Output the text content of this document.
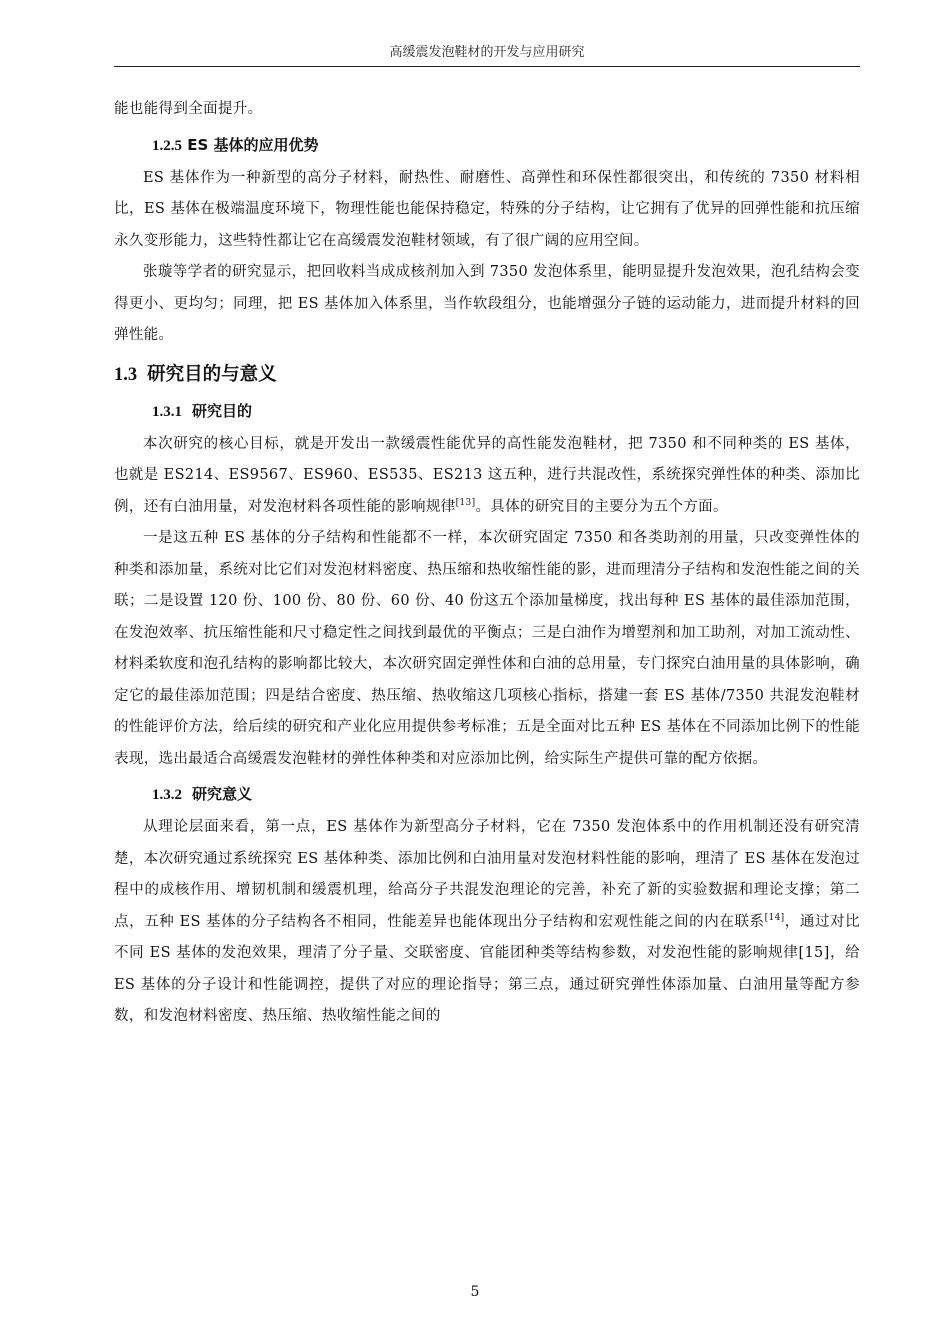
高缓震发泡鞋材的开发与应用研究

能也能得到全面提升。

1.2.5 ES 基体的应用优势

ES 基体作为一种新型的高分子材料，耐热性、耐磨性、高弹性和环保性都很突出，和传统的 7350 材料相比，ES 基体在极端温度环境下，物理性能也能保持稳定，特殊的分子结构，让它拥有了优异的回弹性能和抗压缩永久变形能力，这些特性都让它在高缓震发泡鞋材领域，有了很广阔的应用空间。

张璇等学者的研究显示，把回收料当成成核剂加入到 7350 发泡体系里，能明显提升发泡效果，泡孔结构会变得更小、更均匀；同理，把 ES 基体加入体系里，当作软段组分，也能增强分子链的运动能力，进而提升材料的回弹性能。

1.3 研究目的与意义
1.3.1 研究目的

本次研究的核心目标，就是开发出一款缓震性能优异的高性能发泡鞋材，把 7350 和不同种类的 ES 基体，也就是 ES214、ES9567、ES960、ES535、ES213 这五种，进行共混改性，系统探究弹性体的种类、添加比例，还有白油用量，对发泡材料各项性能的影响规律[13]。具体的研究目的主要分为五个方面。

一是这五种 ES 基体的分子结构和性能都不一样，本次研究固定 7350 和各类助剂的用量，只改变弹性体的种类和添加量，系统对比它们对发泡材料密度、热压缩和热收缩性能的影，进而理清分子结构和发泡性能之间的关联；二是设置 120 份、100 份、80 份、60 份、40 份这五个添加量梯度，找出每种 ES 基体的最佳添加范围，在发泡效率、抗压缩性能和尺寸稳定性之间找到最优的平衡点；三是白油作为增塑剂和加工助剂，对加工流动性、材料柔软度和泡孔结构的影响都比较大，本次研究固定弹性体和白油的总用量，专门探究白油用量的具体影响，确定它的最佳添加范围；四是结合密度、热压缩、热收缩这几项核心指标，搭建一套 ES 基体/7350 共混发泡鞋材的性能评价方法，给后续的研究和产业化应用提供参考标准；五是全面对比五种 ES 基体在不同添加比例下的性能表现，选出最适合高缓震发泡鞋材的弹性体种类和对应添加比例，给实际生产提供可靠的配方依据。

1.3.2 研究意义

从理论层面来看，第一点，ES 基体作为新型高分子材料，它在 7350 发泡体系中的作用机制还没有研究清楚，本次研究通过系统探究 ES 基体种类、添加比例和白油用量对发泡材料性能的影响，理清了 ES 基体在发泡过程中的成核作用、增韧机制和缓震机理，给高分子共混发泡理论的完善，补充了新的实验数据和理论支撑；第二点，五种 ES 基体的分子结构各不相同，性能差异也能体现出分子结构和宏观性能之间的内在联系[14]，通过对比不同 ES 基体的发泡效果，理清了分子量、交联密度、官能团种类等结构参数，对发泡性能的影响规律[15]，给 ES 基体的分子设计和性能调控，提供了对应的理论指导；第三点，通过研究弹性体添加量、白油用量等配方参数，和发泡材料密度、热压缩、热收缩性能之间的

5
